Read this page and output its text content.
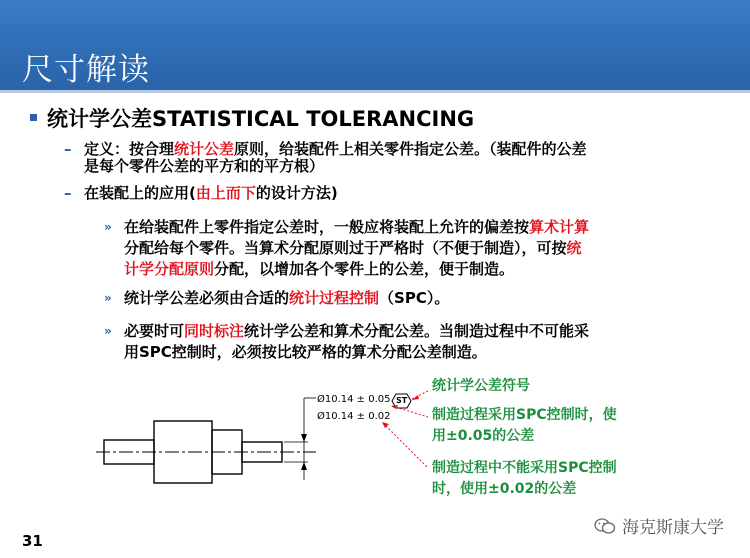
尺寸解读
统计学公差STATISTICAL TOLERANCING
– 定义：按合理统计公差原则，给装配件上相关零件指定公差。（装配件的公差
是每个零件公差的平方和的平方根）
– 在装配上的应用(由上而下的设计方法)
» 在给装配件上零件指定公差时，一般应将装配上允许的偏差按算术计算
分配给每个零件。当算术分配原则过于严格时（不便于制造），可按统
计学分配原则分配，以增加各个零件上的公差，便于制造。
» 统计学公差必须由合适的统计过程控制（SPC）。
» 必要时可同时标注统计学公差和算术分配公差。当制造过程中不可能采
用SPC控制时，必须按比较严格的算术分配公差制造。
Ø10.14 ± 0.05
Ø10.14 ± 0.02
ST
统计学公差符号
制造过程采用SPC控制时，使
用±0.05的公差
制造过程中不能采用SPC控制
时，使用±0.02的公差
31
海克斯康大学
